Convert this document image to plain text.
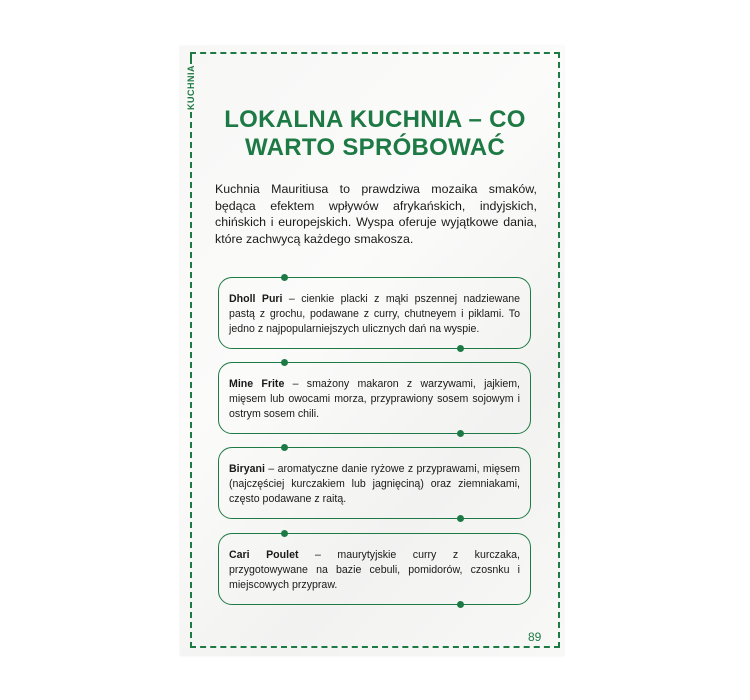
KUCHNIA
LOKALNA KUCHNIA – CO WARTO SPRÓBOWAĆ
Kuchnia Mauritiusa to prawdziwa mozaika smaków, będąca efektem wpływów afrykańskich, indyjskich, chińskich i europejskich. Wyspa oferuje wyjątkowe dania, które zachwycą każdego smakosza.
Dholl Puri – cienkie placki z mąki pszennej nadziewane pastą z grochu, podawane z curry, chutneyem i piklami. To jedno z najpopularniejszych ulicznych dań na wyspie.
Mine Frite – smażony makaron z warzywami, jajkiem, mięsem lub owocami morza, przyprawiony sosem sojowym i ostrym sosem chili.
Biryani – aromatyczne danie ryżowe z przyprawami, mięsem (najczęściej kurczakiem lub jagnięciną) oraz ziemniakami, często podawane z raitą.
Cari Poulet – maurytyjskie curry z kurczaka, przygotowywane na bazie cebuli, pomidorów, czosnku i miejscowych przypraw.
89
